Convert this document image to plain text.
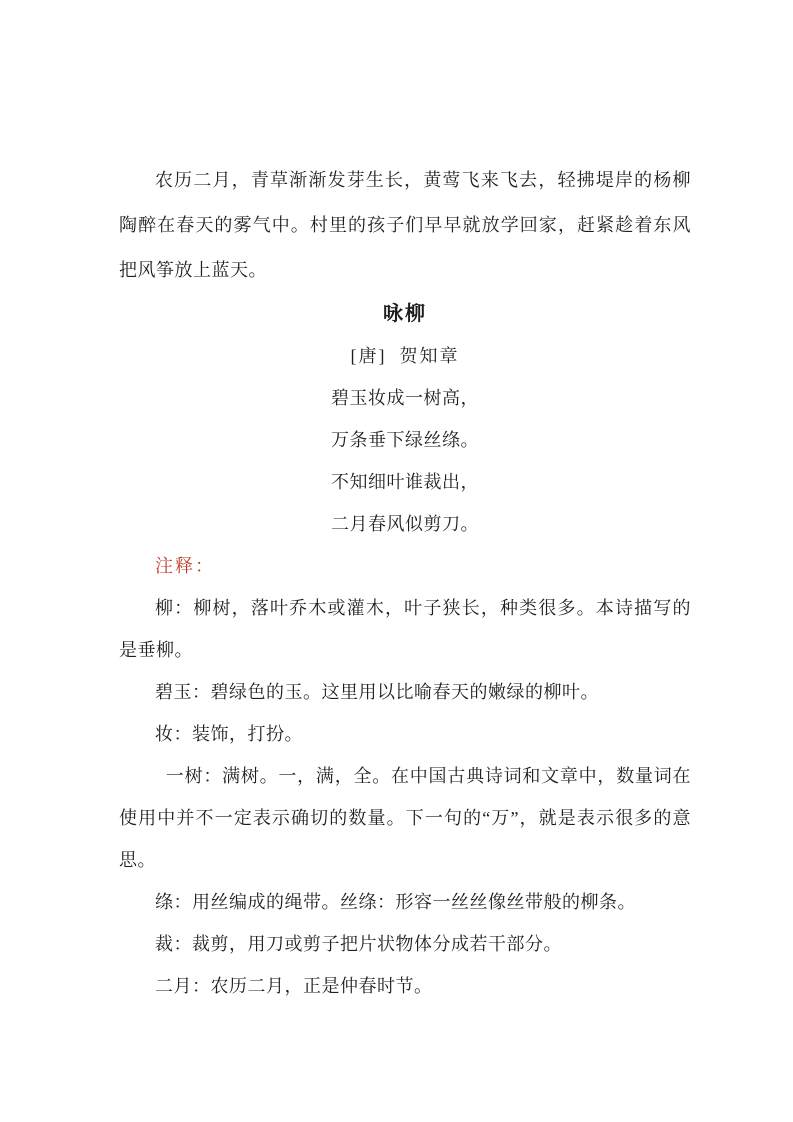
农历二月，青草渐渐发芽生长，黄莺飞来飞去，轻拂堤岸的杨柳陶醉在春天的雾气中。村里的孩子们早早就放学回家，赶紧趁着东风把风筝放上蓝天。

咏柳

[唐]  贺知章

碧玉妆成一树高，

万条垂下绿丝绦。

不知细叶谁裁出，

二月春风似剪刀。

注释：

柳：柳树，落叶乔木或灌木，叶子狭长，种类很多。本诗描写的是垂柳。

碧玉：碧绿色的玉。这里用以比喻春天的嫩绿的柳叶。

妆：装饰，打扮。

一树：满树。一，满，全。在中国古典诗词和文章中，数量词在使用中并不一定表示确切的数量。下一句的“万”，就是表示很多的意思。

绦：用丝编成的绳带。丝绦：形容一丝丝像丝带般的柳条。

裁：裁剪，用刀或剪子把片状物体分成若干部分。

二月：农历二月，正是仲春时节。
